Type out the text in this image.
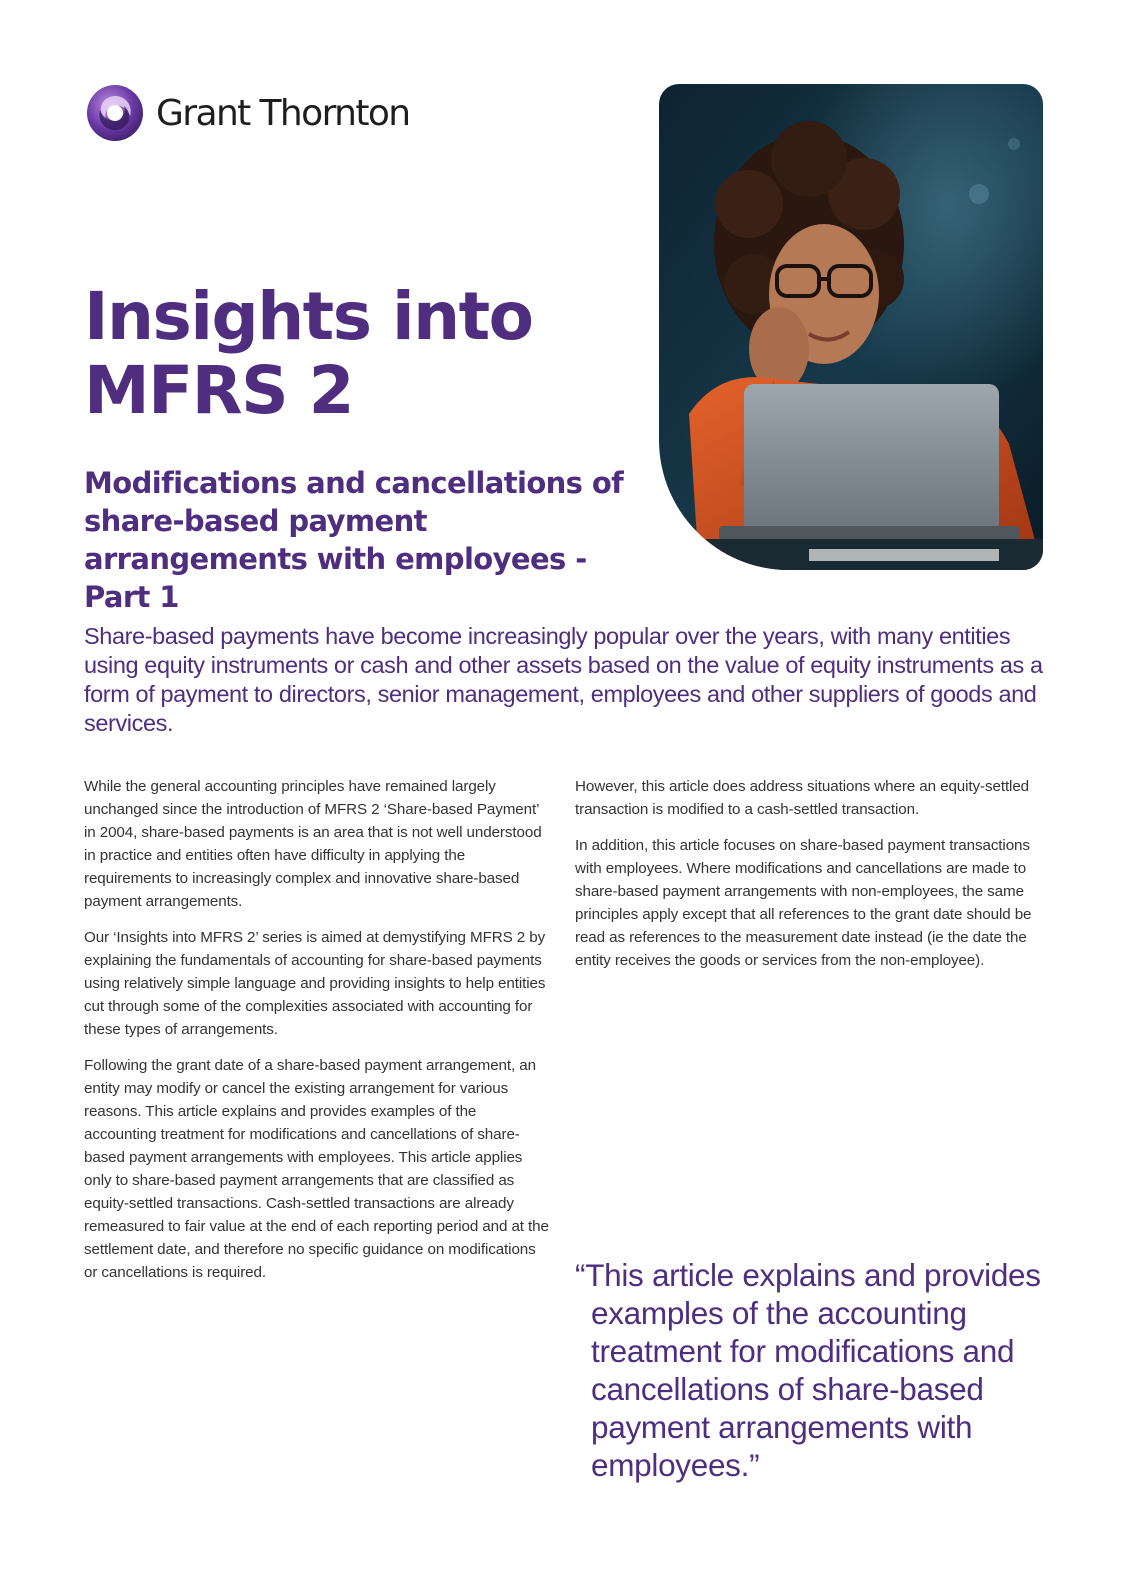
Grant Thornton
Insights into
MFRS 2
Modifications and cancellations of share-based payment arrangements with employees - Part 1

Share-based payments have become increasingly popular over the years, with many entities using equity instruments or cash and other assets based on the value of equity instruments as a form of payment to directors, senior management, employees and other suppliers of goods and services.

While the general accounting principles have remained largely unchanged since the introduction of MFRS 2 ‘Share-based Payment’ in 2004, share-based payments is an area that is not well understood in practice and entities often have difficulty in applying the requirements to increasingly complex and innovative share-based payment arrangements.

Our ‘Insights into MFRS 2’ series is aimed at demystifying MFRS 2 by explaining the fundamentals of accounting for share-based payments using relatively simple language and providing insights to help entities cut through some of the complexities associated with accounting for these types of arrangements.

Following the grant date of a share-based payment arrangement, an entity may modify or cancel the existing arrangement for various reasons. This article explains and provides examples of the accounting treatment for modifications and cancellations of share-based payment arrangements with employees. This article applies only to share-based payment arrangements that are classified as equity-settled transactions. Cash-settled transactions are already remeasured to fair value at the end of each reporting period and at the settlement date, and therefore no specific guidance on modifications or cancellations is required.

However, this article does address situations where an equity-settled transaction is modified to a cash-settled transaction.

In addition, this article focuses on share-based payment transactions with employees. Where modifications and cancellations are made to share-based payment arrangements with non-employees, the same principles apply except that all references to the grant date should be read as references to the measurement date instead (ie the date the entity receives the goods or services from the non-employee).

“This article explains and provides examples of the accounting treatment for modifications and cancellations of share-based payment arrangements with employees.”
